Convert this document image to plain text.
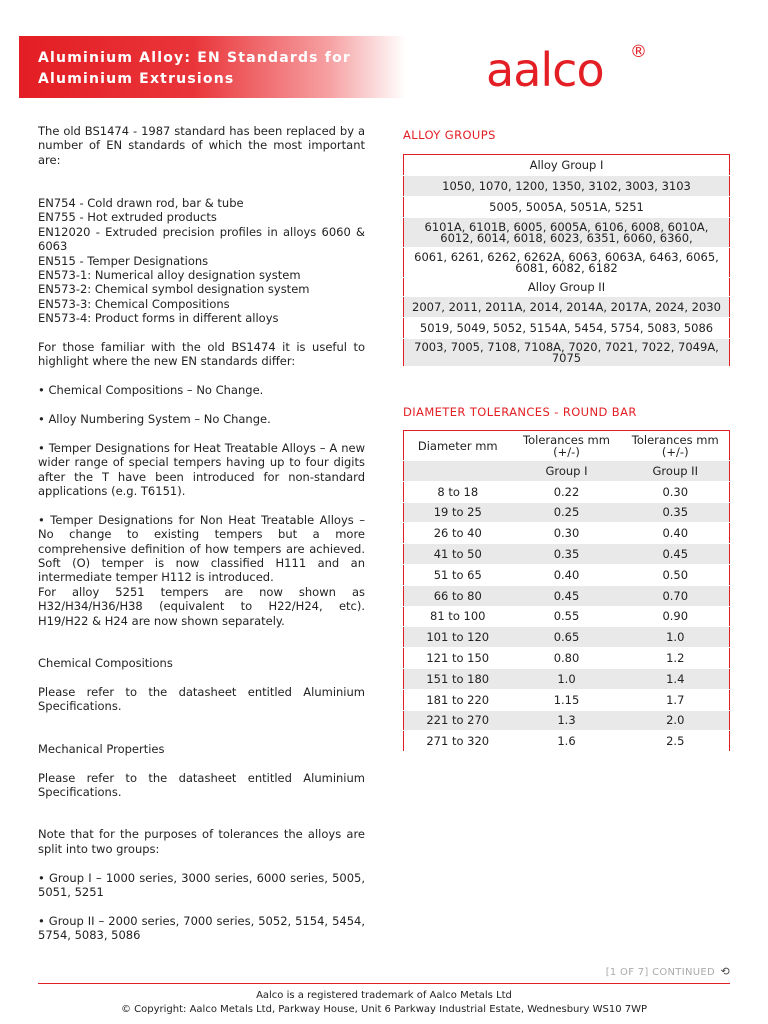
Aluminium Alloy: EN Standards for
Aluminium Extrusions	aalco ®

The old BS1474 - 1987 standard has been replaced by a number of EN standards of which the most important are:

EN754 - Cold drawn rod, bar & tube
EN755 - Hot extruded products

EN12020 - Extruded precision profiles in alloys 6060 & 6063

EN515 - Temper Designations
EN573-1: Numerical alloy designation system
EN573-2: Chemical symbol designation system
EN573-3: Chemical Compositions
EN573-4: Product forms in different alloys

For those familiar with the old BS1474 it is useful to highlight where the new EN standards differ:

• Chemical Compositions – No Change.

• Alloy Numbering System – No Change.

• Temper Designations for Heat Treatable Alloys – A new wider range of special tempers having up to four digits after the T have been introduced for non-standard applications (e.g. T6151).

• Temper Designations for Non Heat Treatable Alloys – No change to existing tempers but a more comprehensive definition of how tempers are achieved. Soft (O) temper is now classified H111 and an intermediate temper H112 is introduced.

For alloy 5251 tempers are now shown as H32/H34/H36/H38 (equivalent to H22/H24, etc). H19/H22 & H24 are now shown separately.

Chemical Compositions

Please refer to the datasheet entitled Aluminium Specifications.

Mechanical Properties

Please refer to the datasheet entitled Aluminium Specifications.

Note that for the purposes of tolerances the alloys are split into two groups:

• Group I – 1000 series, 3000 series, 6000 series, 5005, 5051, 5251

• Group II – 2000 series, 7000 series, 5052, 5154, 5454, 5754, 5083, 5086

ALLOY GROUPS
Alloy Group I
1050, 1070, 1200, 1350, 3102, 3003, 3103
5005, 5005A, 5051A, 5251
6101A, 6101B, 6005, 6005A, 6106, 6008, 6010A, 6012, 6014, 6018, 6023, 6351, 6060, 6360,
6061, 6261, 6262, 6262A, 6063, 6063A, 6463, 6065, 6081, 6082, 6182
Alloy Group II
2007, 2011, 2011A, 2014, 2014A, 2017A, 2024, 2030
5019, 5049, 5052, 5154A, 5454, 5754, 5083, 5086
7003, 7005, 7108, 7108A, 7020, 7021, 7022, 7049A, 7075
DIAMETER TOLERANCES - ROUND BAR
Diameter mm	Tolerances mm (+/-)	Tolerances mm (+/-)
	Group I	Group II
8 to 18	0.22	0.30
19 to 25	0.25	0.35
26 to 40	0.30	0.40
41 to 50	0.35	0.45
51 to 65	0.40	0.50
66 to 80	0.45	0.70
81 to 100	0.55	0.90
101 to 120	0.65	1.0
121 to 150	0.80	1.2
151 to 180	1.0	1.4
181 to 220	1.15	1.7
221 to 270	1.3	2.0
271 to 320	1.6	2.5
[1 OF 7] CONTINUED ⟲
Aalco is a registered trademark of Aalco Metals Ltd
© Copyright: Aalco Metals Ltd, Parkway House, Unit 6 Parkway Industrial Estate, Wednesbury WS10 7WP
